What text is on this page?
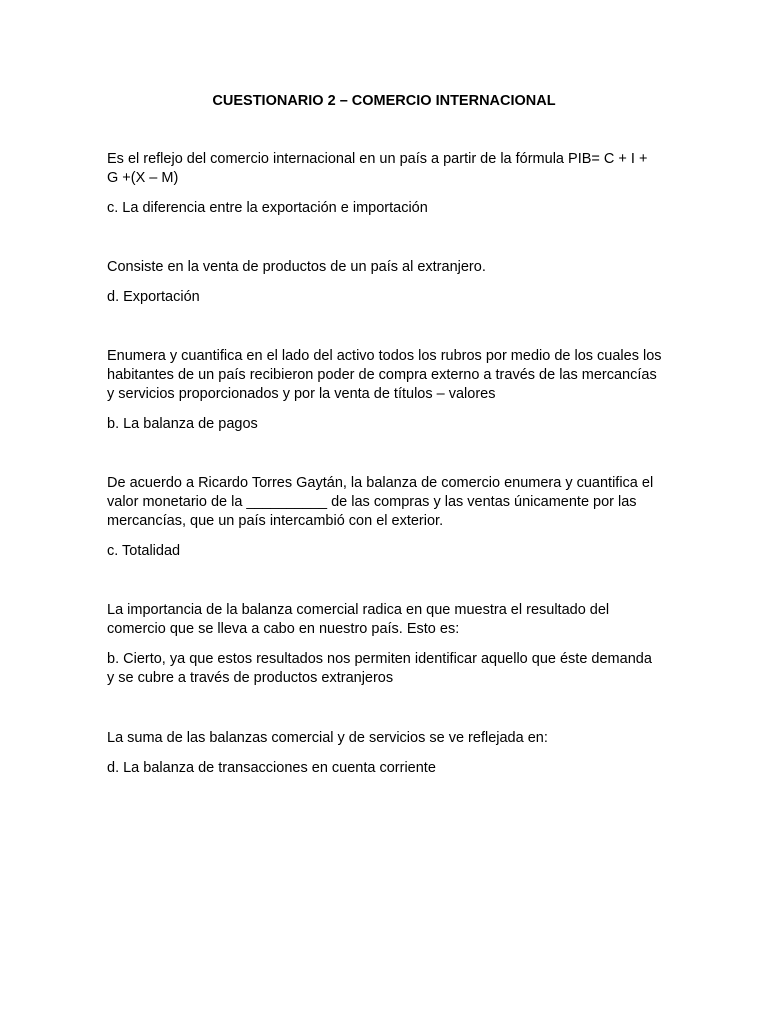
CUESTIONARIO 2 – COMERCIO INTERNACIONAL

Es el reflejo del comercio internacional en un país a partir de la fórmula PIB= C + I + G +(X – M)

c. La diferencia entre la exportación e importación

Consiste en la venta de productos de un país al extranjero.

d. Exportación

Enumera y cuantifica en el lado del activo todos los rubros por medio de los cuales los habitantes de un país recibieron poder de compra externo a través de las mercancías y servicios proporcionados y por la venta de títulos – valores

b. La balanza de pagos

De acuerdo a Ricardo Torres Gaytán, la balanza de comercio enumera y cuantifica el valor monetario de la __________ de las compras y las ventas únicamente por las mercancías, que un país intercambió con el exterior.

c. Totalidad

La importancia de la balanza comercial radica en que muestra el resultado del comercio que se lleva a cabo en nuestro país. Esto es:

b. Cierto, ya que estos resultados nos permiten identificar aquello que éste demanda y se cubre a través de productos extranjeros

La suma de las balanzas comercial y de servicios se ve reflejada en:

d. La balanza de transacciones en cuenta corriente
